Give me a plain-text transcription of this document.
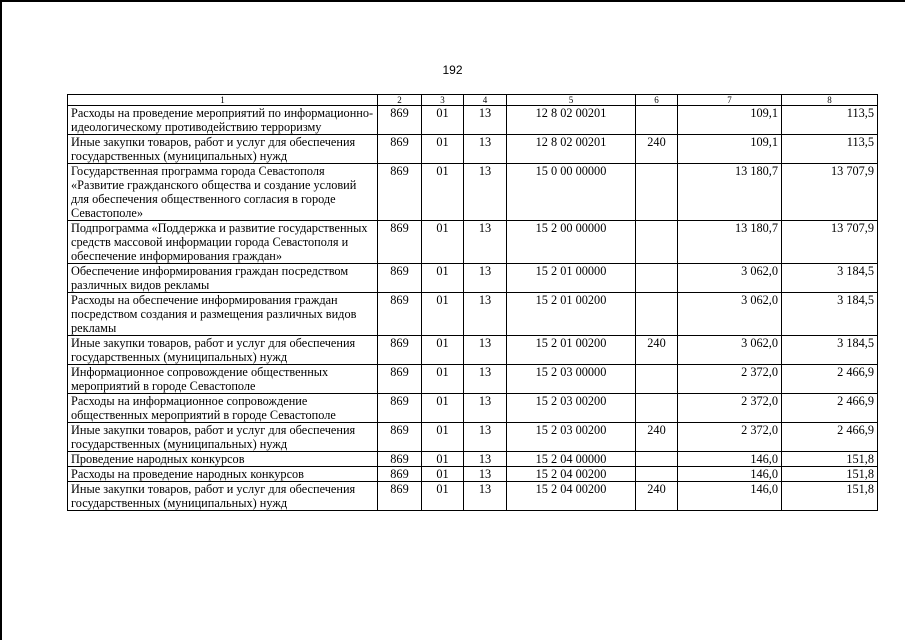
192
1	2	3	4	5	6	7	8
Расходы на проведение мероприятий по информационно-идеологическому противодействию терроризму	869	01	13	12 8 02 00201		109,1	113,5
Иные закупки товаров, работ и услуг для обеспечения государственных (муниципальных) нужд	869	01	13	12 8 02 00201	240	109,1	113,5
Государственная программа города Севастополя «Развитие гражданского общества и создание условий для обеспечения общественного согласия в городе Севастополе»	869	01	13	15 0 00 00000		13 180,7	13 707,9
Подпрограмма «Поддержка и развитие государственных средств массовой информации города Севастополя и обеспечение информирования граждан»	869	01	13	15 2 00 00000		13 180,7	13 707,9
Обеспечение информирования граждан посредством различных видов рекламы	869	01	13	15 2 01 00000		3 062,0	3 184,5
Расходы на обеспечение информирования граждан посредством создания и размещения различных видов рекламы	869	01	13	15 2 01 00200		3 062,0	3 184,5
Иные закупки товаров, работ и услуг для обеспечения государственных (муниципальных) нужд	869	01	13	15 2 01 00200	240	3 062,0	3 184,5
Информационное сопровождение общественных мероприятий в городе Севастополе	869	01	13	15 2 03 00000		2 372,0	2 466,9
Расходы на информационное сопровождение общественных мероприятий в городе Севастополе	869	01	13	15 2 03 00200		2 372,0	2 466,9
Иные закупки товаров, работ и услуг для обеспечения государственных (муниципальных) нужд	869	01	13	15 2 03 00200	240	2 372,0	2 466,9
Проведение народных конкурсов	869	01	13	15 2 04 00000		146,0	151,8
Расходы на проведение народных конкурсов	869	01	13	15 2 04 00200		146,0	151,8
Иные закупки товаров, работ и услуг для обеспечения государственных (муниципальных) нужд	869	01	13	15 2 04 00200	240	146,0	151,8
